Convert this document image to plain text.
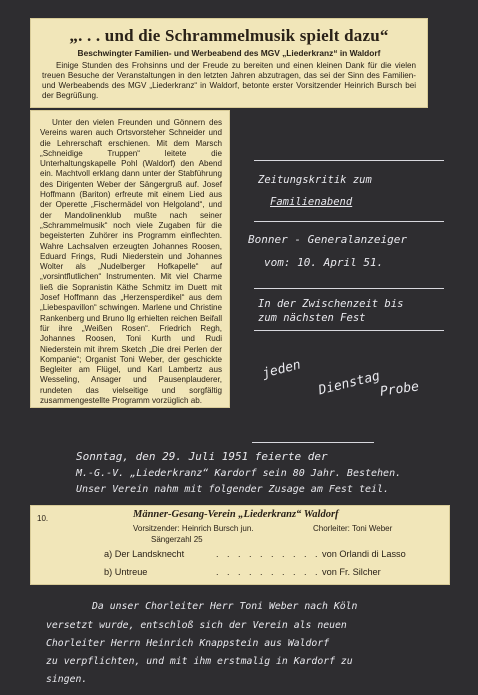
„. . . und die Schrammelmusik spielt dazu“
Beschwingter Familien- und Werbeabend des MGV „Liederkranz“ in Waldorf
Einige Stunden des Frohsinns und der Freude zu bereiten und einen kleinen Dank für die vielen treuen Besuche der Veranstaltungen in den letzten Jahren abzutragen, das sei der Sinn des Familien- und Werbeabends des MGV „Liederkranz“ in Waldorf, betonte erster Vorsitzender Heinrich Bursch bei der Begrüßung.
Unter den vielen Freunden und Gönnern des Vereins waren auch Ortsvorsteher Schneider und die Lehrerschaft erschienen. Mit dem Marsch „Schneidige Truppen“ leitete die Unterhaltungskapelle Pohl (Waldorf) den Abend ein. Machtvoll erklang dann unter der Stabführung des Dirigenten Weber der Sängergruß auf. Josef Hoffmann (Bariton) erfreute mit einem Lied aus der Operette „Fischermädel von Helgoland“, und der Mandolinenklub mußte nach seiner „Schrammelmusik“ noch viele Zugaben für die begeisterten Zuhörer ins Programm einflechten. Wahre Lachsalven erzeugten Johannes Roosen, Eduard Frings, Rudi Niederstein und Johannes Wolter als „Nudelberger Hofkapelle“ auf „vorsintflutlichen“ Instrumenten. Mit viel Charme ließ die Sopranistin Käthe Schmitz im Duett mit Josef Hoffmann das „Herzensperdikel“ aus dem „Liebespavillon“ schwingen. Marlene und Christine Rankenberg und Bruno Ilg erhielten reichen Beifall für ihre „Weißen Rosen“. Friedrich Regh, Johannes Roosen, Toni Kurth und Rudi Niederstein mit ihrem Sketch „Die drei Perlen der Kompanie“; Organist Toni Weber, der geschickte Begleiter am Flügel, und Karl Lambertz aus Wesseling, Ansager und Pausenplauderer, rundeten das vielseitige und sorgfältig zusammengestellte Programm vorzüglich ab.
Zeitungskritik zum
Familienabend
Bonner - Generalanzeiger
vom: 10. April 51.
In der Zwischenzeit bis
zum nächsten Fest
jeden Dienstag
Probe
Sonntag, den 29. Juli 1951 feierte der
M.-G.-V. „Liederkranz“ Kardorf sein 80 Jahr. Bestehen.
Unser Verein nahm mit folgender Zusage am Fest teil.
10.	Männer-Gesang-Verein „Liederkranz“ Waldorf
Vorsitzender: Heinrich Bursch jun.	Chorleiter: Toni Weber
Sängerzahl 25
a) Der Landsknecht	. . . . . . . . . . von Orlandi di Lasso
b) Untreue	. . . . . . . . . . von Fr. Silcher
Da unser Chorleiter Herr Toni Weber nach Köln
versetzt wurde, entschloß sich der Verein als neuen
Chorleiter Herrn Heinrich Knappstein aus Waldorf
zu verpflichten, und mit ihm erstmalig in Kardorf zu
singen.
